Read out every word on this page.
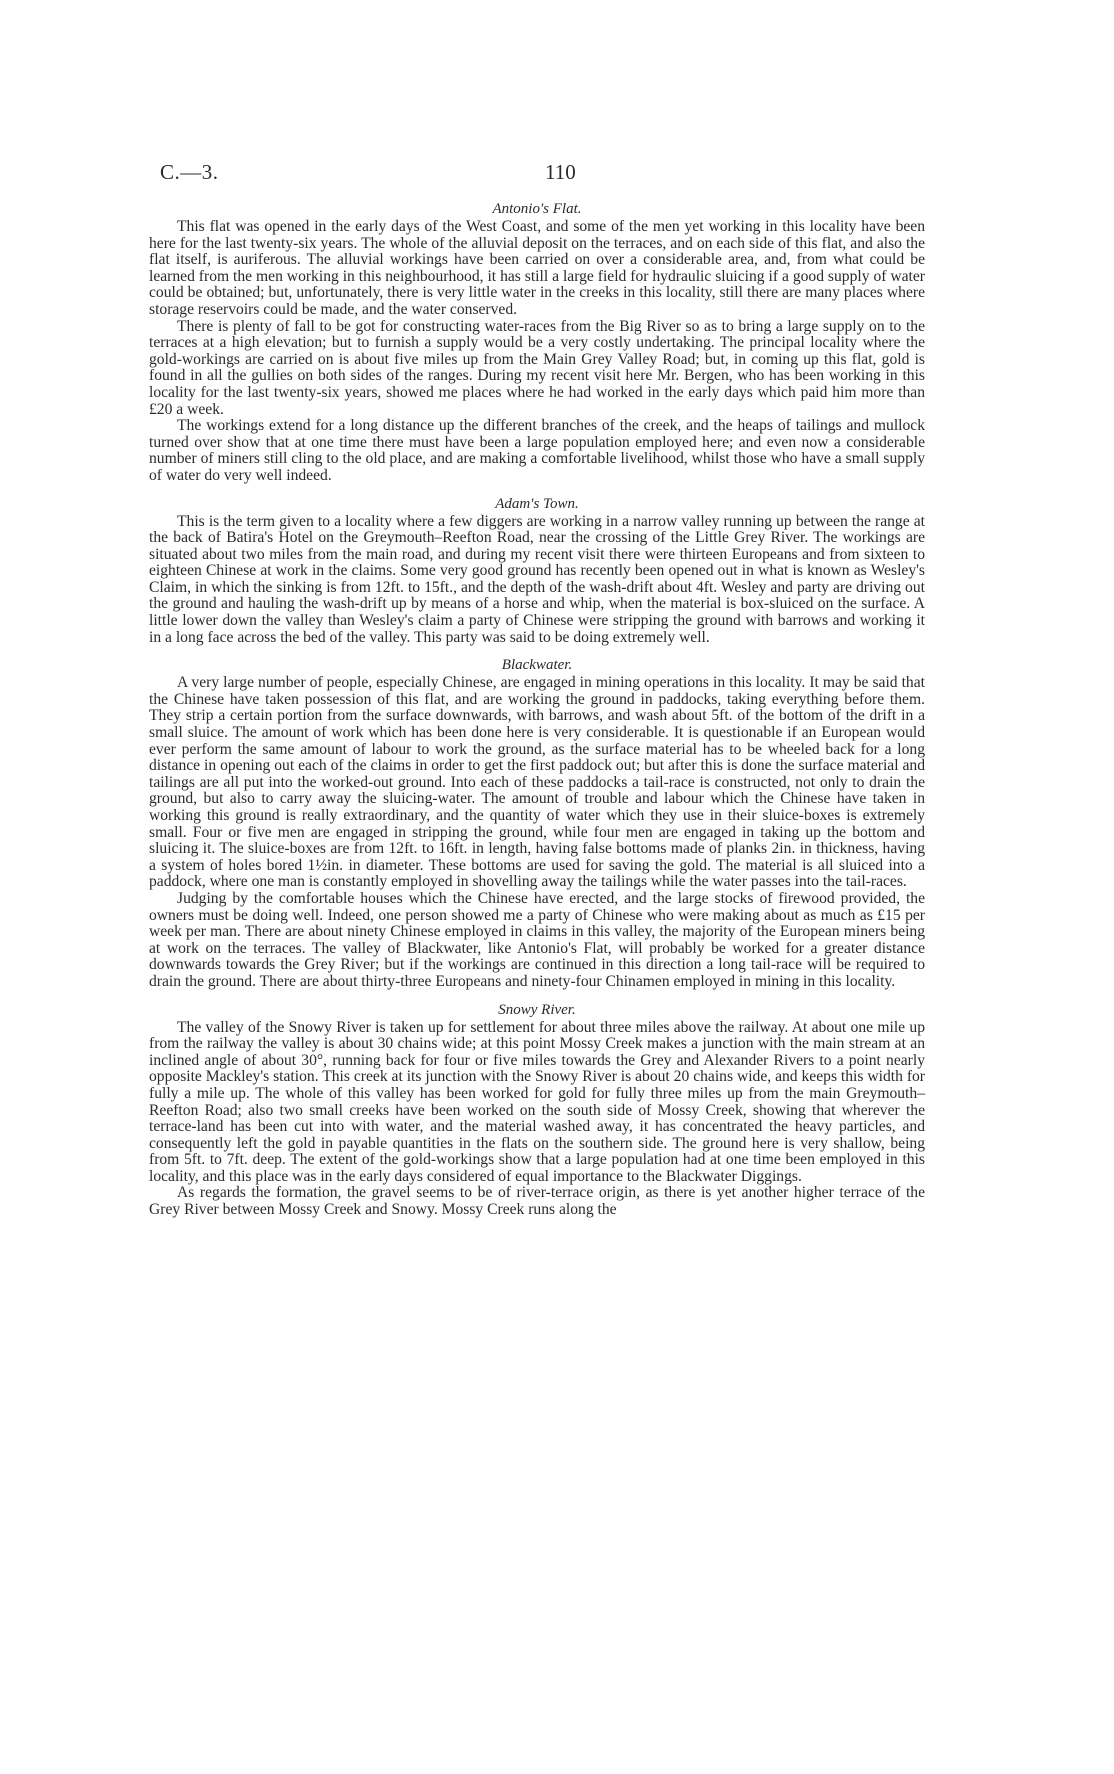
C.—3.	110
Antonio's Flat.

This flat was opened in the early days of the West Coast, and some of the men yet working in this locality have been here for the last twenty-six years. The whole of the alluvial deposit on the terraces, and on each side of this flat, and also the flat itself, is auriferous. The alluvial workings have been carried on over a considerable area, and, from what could be learned from the men working in this neighbourhood, it has still a large field for hydraulic sluicing if a good supply of water could be obtained; but, unfortunately, there is very little water in the creeks in this locality, still there are many places where storage reservoirs could be made, and the water conserved.

There is plenty of fall to be got for constructing water-races from the Big River so as to bring a large supply on to the terraces at a high elevation; but to furnish a supply would be a very costly undertaking. The principal locality where the gold-workings are carried on is about five miles up from the Main Grey Valley Road; but, in coming up this flat, gold is found in all the gullies on both sides of the ranges. During my recent visit here Mr. Bergen, who has been working in this locality for the last twenty-six years, showed me places where he had worked in the early days which paid him more than £20 a week.

The workings extend for a long distance up the different branches of the creek, and the heaps of tailings and mullock turned over show that at one time there must have been a large population employed here; and even now a considerable number of miners still cling to the old place, and are making a comfortable livelihood, whilst those who have a small supply of water do very well indeed.

Adam's Town.

This is the term given to a locality where a few diggers are working in a narrow valley running up between the range at the back of Batira's Hotel on the Greymouth–Reefton Road, near the crossing of the Little Grey River. The workings are situated about two miles from the main road, and during my recent visit there were thirteen Europeans and from sixteen to eighteen Chinese at work in the claims. Some very good ground has recently been opened out in what is known as Wesley's Claim, in which the sinking is from 12ft. to 15ft., and the depth of the wash-drift about 4ft. Wesley and party are driving out the ground and hauling the wash-drift up by means of a horse and whip, when the material is box-sluiced on the surface. A little lower down the valley than Wesley's claim a party of Chinese were stripping the ground with barrows and working it in a long face across the bed of the valley. This party was said to be doing extremely well.

Blackwater.

A very large number of people, especially Chinese, are engaged in mining operations in this locality. It may be said that the Chinese have taken possession of this flat, and are working the ground in paddocks, taking everything before them. They strip a certain portion from the surface downwards, with barrows, and wash about 5ft. of the bottom of the drift in a small sluice. The amount of work which has been done here is very considerable. It is questionable if an European would ever perform the same amount of labour to work the ground, as the surface material has to be wheeled back for a long distance in opening out each of the claims in order to get the first paddock out; but after this is done the surface material and tailings are all put into the worked-out ground. Into each of these paddocks a tail-race is constructed, not only to drain the ground, but also to carry away the sluicing-water. The amount of trouble and labour which the Chinese have taken in working this ground is really extraordinary, and the quantity of water which they use in their sluice-boxes is extremely small. Four or five men are engaged in stripping the ground, while four men are engaged in taking up the bottom and sluicing it. The sluice-boxes are from 12ft. to 16ft. in length, having false bottoms made of planks 2in. in thickness, having a system of holes bored 1½in. in diameter. These bottoms are used for saving the gold. The material is all sluiced into a paddock, where one man is constantly employed in shovelling away the tailings while the water passes into the tail-races.

Judging by the comfortable houses which the Chinese have erected, and the large stocks of firewood provided, the owners must be doing well. Indeed, one person showed me a party of Chinese who were making about as much as £15 per week per man. There are about ninety Chinese employed in claims in this valley, the majority of the European miners being at work on the terraces. The valley of Blackwater, like Antonio's Flat, will probably be worked for a greater distance downwards towards the Grey River; but if the workings are continued in this direction a long tail-race will be required to drain the ground. There are about thirty-three Europeans and ninety-four Chinamen employed in mining in this locality.

Snowy River.

The valley of the Snowy River is taken up for settlement for about three miles above the railway. At about one mile up from the railway the valley is about 30 chains wide; at this point Mossy Creek makes a junction with the main stream at an inclined angle of about 30°, running back for four or five miles towards the Grey and Alexander Rivers to a point nearly opposite Mackley's station. This creek at its junction with the Snowy River is about 20 chains wide, and keeps this width for fully a mile up. The whole of this valley has been worked for gold for fully three miles up from the main Greymouth–Reefton Road; also two small creeks have been worked on the south side of Mossy Creek, showing that wherever the terrace-land has been cut into with water, and the material washed away, it has concentrated the heavy particles, and consequently left the gold in payable quantities in the flats on the southern side. The ground here is very shallow, being from 5ft. to 7ft. deep. The extent of the gold-workings show that a large population had at one time been employed in this locality, and this place was in the early days considered of equal importance to the Blackwater Diggings.

As regards the formation, the gravel seems to be of river-terrace origin, as there is yet another higher terrace of the Grey River between Mossy Creek and Snowy. Mossy Creek runs along the
